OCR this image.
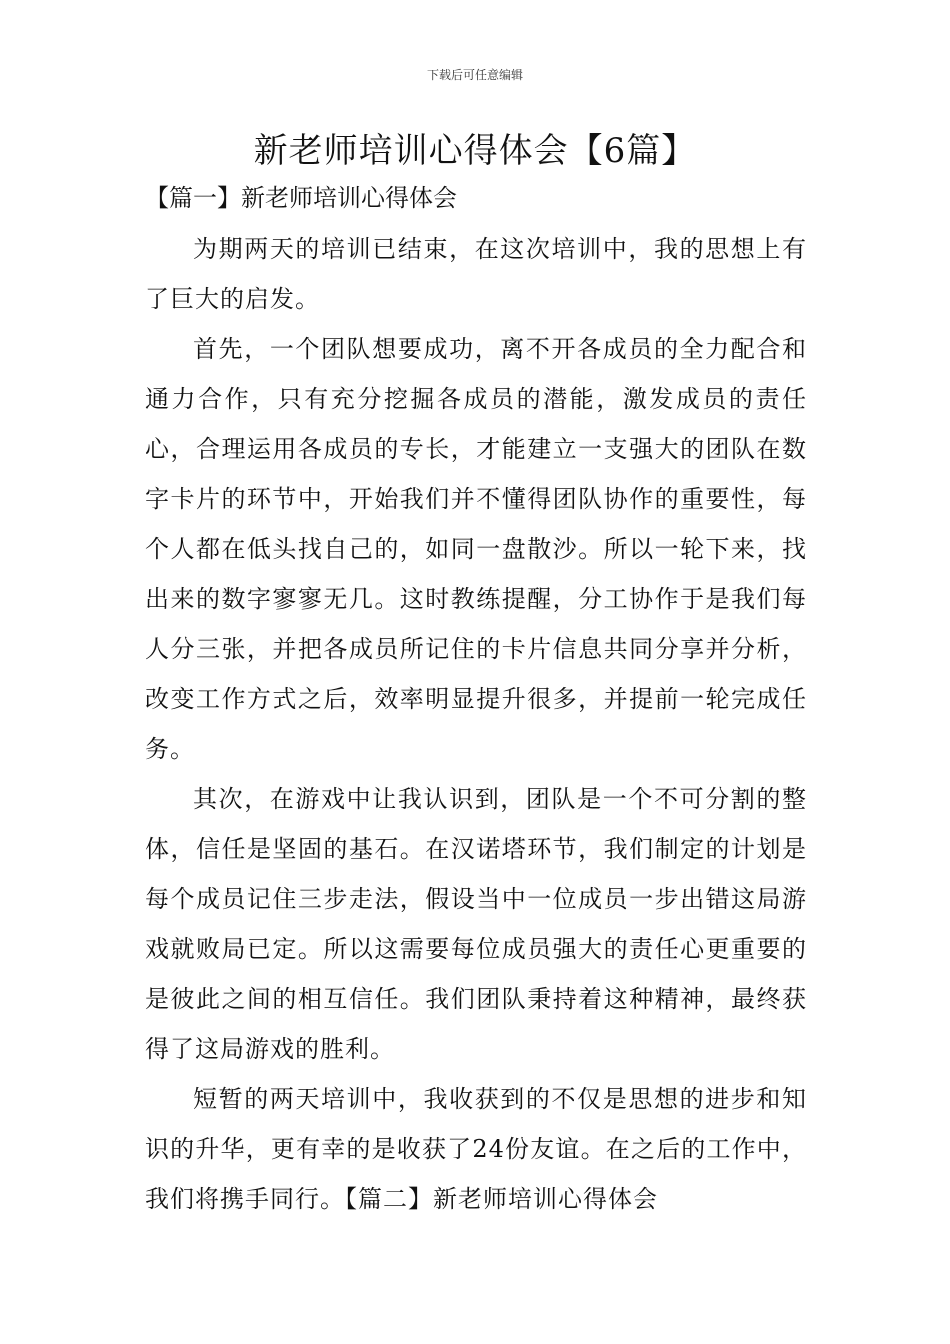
下载后可任意编辑
新老师培训心得体会【6篇】
【篇一】新老师培训心得体会

为期两天的培训已结束，在这次培训中，我的思想上有了巨大的启发。

首先，一个团队想要成功，离不开各成员的全力配合和通力合作，只有充分挖掘各成员的潜能，激发成员的责任心，合理运用各成员的专长，才能建立一支强大的团队在数字卡片的环节中，开始我们并不懂得团队协作的重要性，每个人都在低头找自己的，如同一盘散沙。所以一轮下来，找出来的数字寥寥无几。这时教练提醒，分工协作于是我们每人分三张，并把各成员所记住的卡片信息共同分享并分析，改变工作方式之后，效率明显提升很多，并提前一轮完成任务。

其次，在游戏中让我认识到，团队是一个不可分割的整体，信任是坚固的基石。在汉诺塔环节，我们制定的计划是每个成员记住三步走法，假设当中一位成员一步出错这局游戏就败局已定。所以这需要每位成员强大的责任心更重要的是彼此之间的相互信任。我们团队秉持着这种精神，最终获得了这局游戏的胜利。

短暂的两天培训中，我收获到的不仅是思想的进步和知识的升华，更有幸的是收获了24份友谊。在之后的工作中，我们将携手同行。【篇二】新老师培训心得体会
